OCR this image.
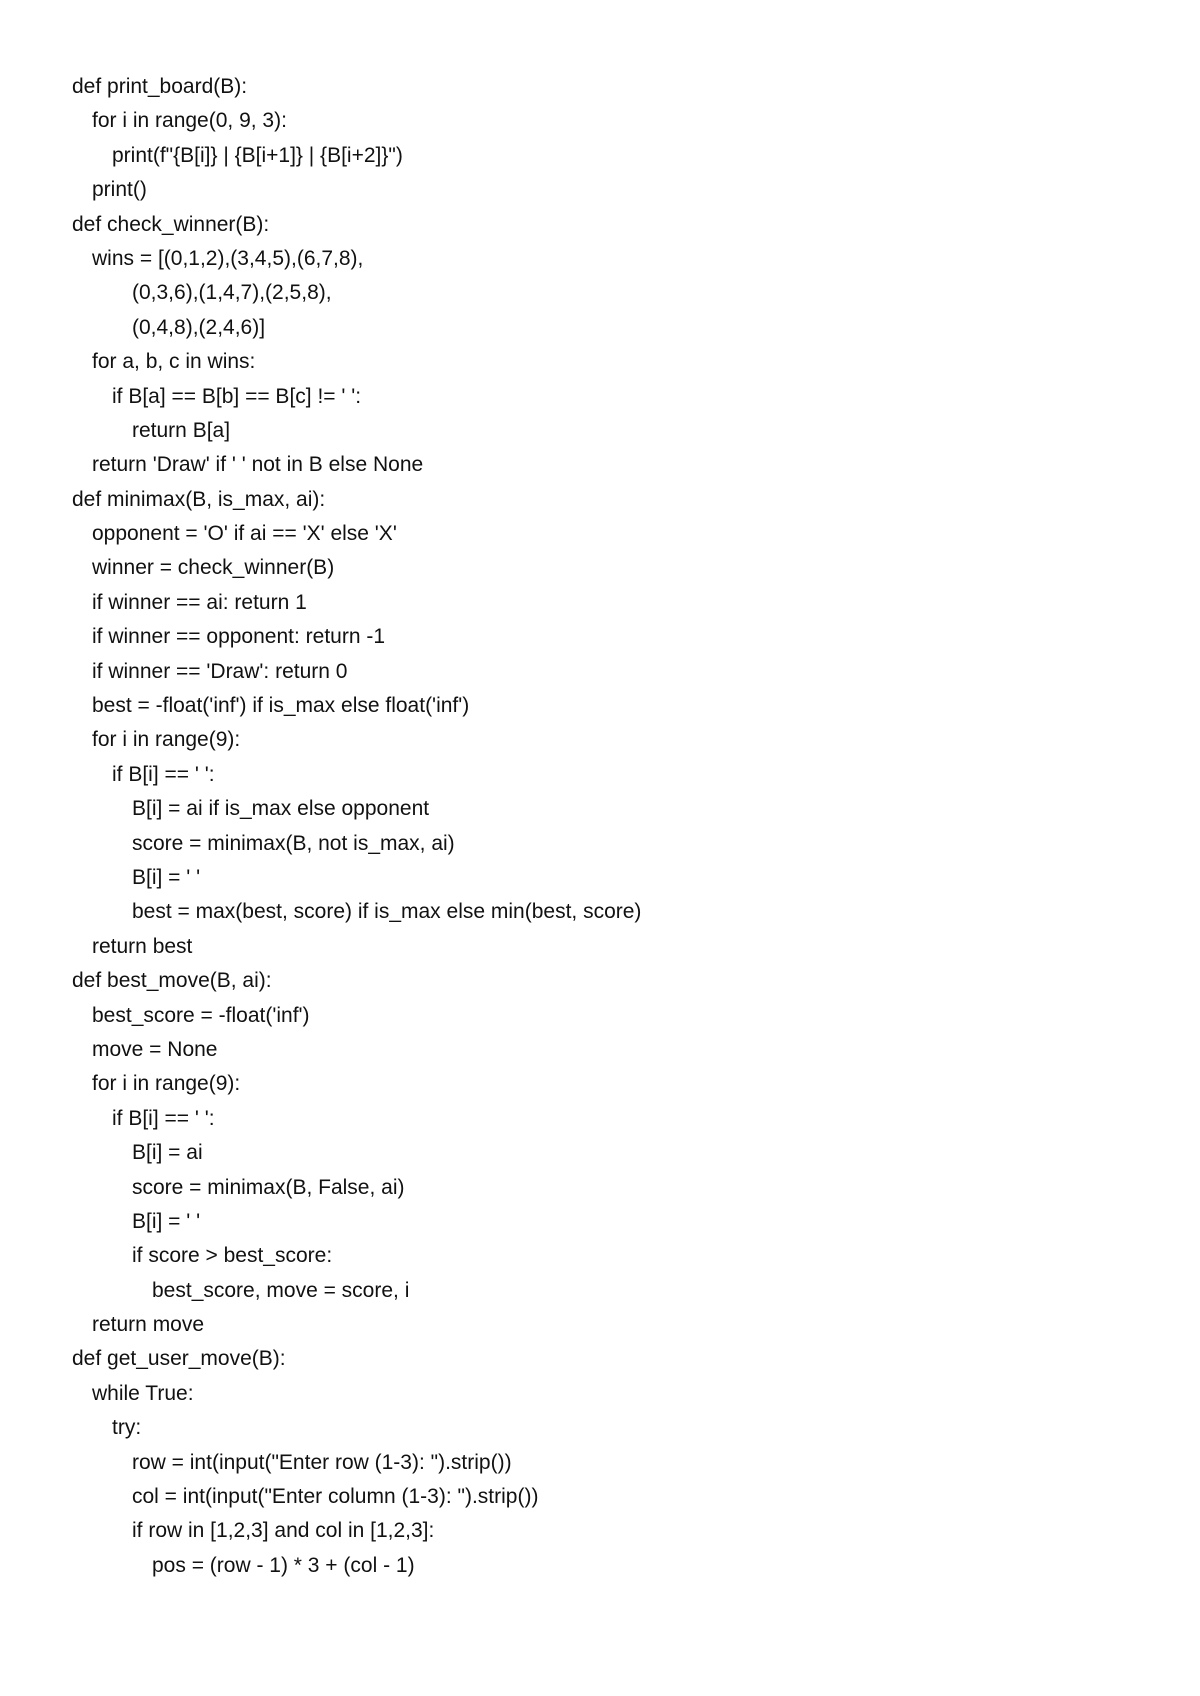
def print_board(B):
for i in range(0, 9, 3):
print(f"{B[i]} | {B[i+1]} | {B[i+2]}")
print()
def check_winner(B):
wins = [(0,1,2),(3,4,5),(6,7,8),
(0,3,6),(1,4,7),(2,5,8),
(0,4,8),(2,4,6)]
for a, b, c in wins:
if B[a] == B[b] == B[c] != ' ':
return B[a]
return 'Draw' if ' ' not in B else None
def minimax(B, is_max, ai):
opponent = 'O' if ai == 'X' else 'X'
winner = check_winner(B)
if winner == ai: return 1
if winner == opponent: return -1
if winner == 'Draw': return 0
best = -float('inf') if is_max else float('inf')
for i in range(9):
if B[i] == ' ':
B[i] = ai if is_max else opponent
score = minimax(B, not is_max, ai)
B[i] = ' '
best = max(best, score) if is_max else min(best, score)
return best
def best_move(B, ai):
best_score = -float('inf')
move = None
for i in range(9):
if B[i] == ' ':
B[i] = ai
score = minimax(B, False, ai)
B[i] = ' '
if score > best_score:
best_score, move = score, i
return move
def get_user_move(B):
while True:
try:
row = int(input("Enter row (1-3): ").strip())
col = int(input("Enter column (1-3): ").strip())
if row in [1,2,3] and col in [1,2,3]:
pos = (row - 1) * 3 + (col - 1)
